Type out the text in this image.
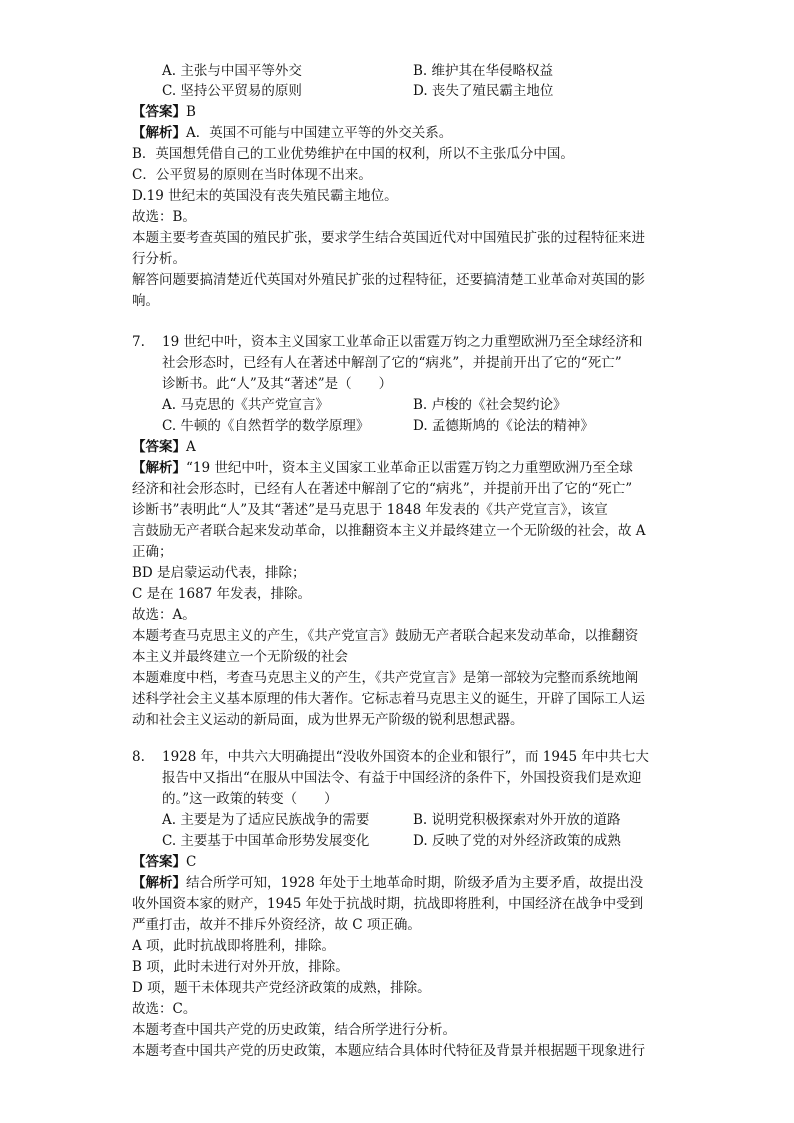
A. 主张与中国平等外交	B. 维护其在华侵略权益
C. 坚持公平贸易的原则	D. 丧失了殖民霸主地位
【答案】B
【解析】A．英国不可能与中国建立平等的外交关系。
B．英国想凭借自己的工业优势维护在中国的权利，所以不主张瓜分中国。
C．公平贸易的原则在当时体现不出来。
D.19 世纪末的英国没有丧失殖民霸主地位。
故选：B。
本题主要考查英国的殖民扩张，要求学生结合英国近代对中国殖民扩张的过程特征来进
行分析。
解答问题要搞清楚近代英国对外殖民扩张的过程特征，还要搞清楚工业革命对英国的影
响。
7. 19 世纪中叶，资本主义国家工业革命正以雷霆万钧之力重塑欧洲乃至全球经济和
社会形态时，已经有人在著述中解剖了它的“病兆”，并提前开出了它的“死亡”
诊断书。此“人”及其“著述”是（　　）
A. 马克思的《共产党宣言》	B. 卢梭的《社会契约论》
C. 牛顿的《自然哲学的数学原理》	D. 孟德斯鸠的《论法的精神》
【答案】A
【解析】“19 世纪中叶，资本主义国家工业革命正以雷霆万钧之力重塑欧洲乃至全球
经济和社会形态时，已经有人在著述中解剖了它的“病兆”，并提前开出了它的“死亡”
诊断书”表明此“人”及其“著述”是马克思于 1848 年发表的《共产党宣言》，该宣
言鼓励无产者联合起来发动革命，以推翻资本主义并最终建立一个无阶级的社会，故 A
正确；
BD 是启蒙运动代表，排除；
C 是在 1687 年发表，排除。
故选：A。
本题考查马克思主义的产生，《共产党宣言》鼓励无产者联合起来发动革命，以推翻资
本主义并最终建立一个无阶级的社会
本题难度中档，考查马克思主义的产生，《共产党宣言》是第一部较为完整而系统地阐
述科学社会主义基本原理的伟大著作。它标志着马克思主义的诞生，开辟了国际工人运
动和社会主义运动的新局面，成为世界无产阶级的锐利思想武器。
8. 1928 年，中共六大明确提出“没收外国资本的企业和银行”，而 1945 年中共七大
报告中又指出“在服从中国法令、有益于中国经济的条件下，外国投资我们是欢迎
的。”这一政策的转变（　　）
A. 主要是为了适应民族战争的需要	B. 说明党积极探索对外开放的道路
C. 主要基于中国革命形势发展变化	D. 反映了党的对外经济政策的成熟
【答案】C
【解析】结合所学可知，1928 年处于土地革命时期，阶级矛盾为主要矛盾，故提出没
收外国资本家的财产，1945 年处于抗战时期，抗战即将胜利，中国经济在战争中受到
严重打击，故并不排斥外资经济，故 C 项正确。
A 项，此时抗战即将胜利，排除。
B 项，此时未进行对外开放，排除。
D 项，题干未体现共产党经济政策的成熟，排除。
故选：C。
本题考查中国共产党的历史政策，结合所学进行分析。
本题考查中国共产党的历史政策，本题应结合具体时代特征及背景并根据题干现象进行
